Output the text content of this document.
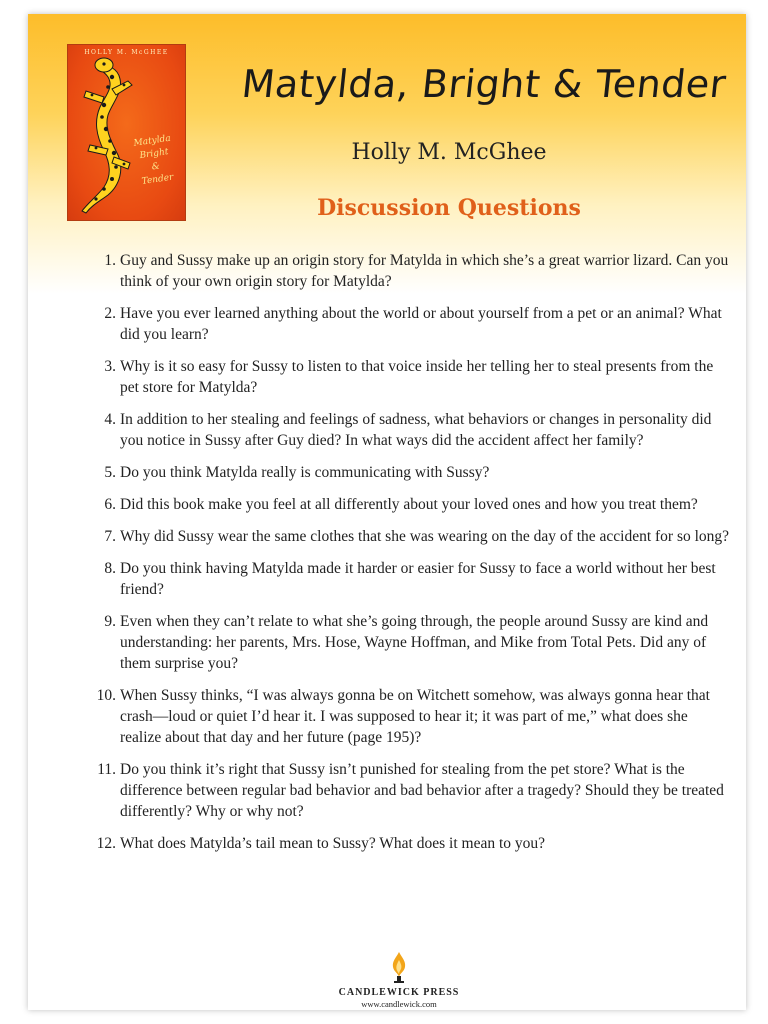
HOLLY M. McGHEE
Matylda
Bright
&
Tender
Matylda, Bright & Tender
Holly M. McGhee
Discussion Questions
1. Guy and Sussy make up an origin story for Matylda in which she’s a great warrior lizard. Can you think of your own origin story for Matylda?
2. Have you ever learned anything about the world or about yourself from a pet or an animal? What did you learn?
3. Why is it so easy for Sussy to listen to that voice inside her telling her to steal presents from the pet store for Matylda?
4. In addition to her stealing and feelings of sadness, what behaviors or changes in personality did you notice in Sussy after Guy died? In what ways did the accident affect her family?
5. Do you think Matylda really is communicating with Sussy?
6. Did this book make you feel at all differently about your loved ones and how you treat them?
7. Why did Sussy wear the same clothes that she was wearing on the day of the accident for so long?
8. Do you think having Matylda made it harder or easier for Sussy to face a world without her best friend?
9. Even when they can’t relate to what she’s going through, the people around Sussy are kind and understanding: her parents, Mrs. Hose, Wayne Hoffman, and Mike from Total Pets. Did any of them surprise you?
10. When Sussy thinks, “I was always gonna be on Witchett somehow, was always gonna hear that crash—loud or quiet I’d hear it. I was supposed to hear it; it was part of me,” what does she realize about that day and her future (page 195)?
11. Do you think it’s right that Sussy isn’t punished for stealing from the pet store? What is the difference between regular bad behavior and bad behavior after a tragedy? Should they be treated differently? Why or why not?
12. What does Matylda’s tail mean to Sussy? What does it mean to you?
CANDLEWICK PRESS
www.candlewick.com
